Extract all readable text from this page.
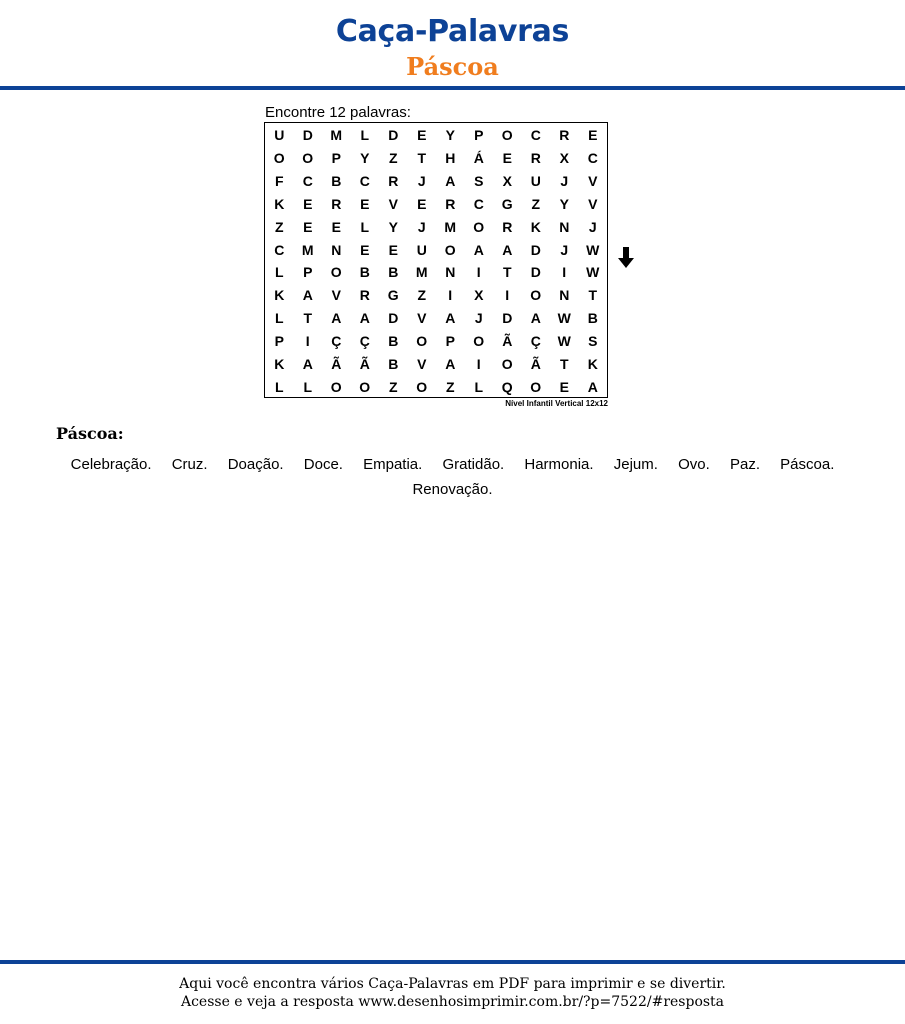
Caça-Palavras
Páscoa
Encontre 12 palavras:
U	D	M	L	D	E	Y	P	O	C	R	E
O	O	P	Y	Z	T	H	Á	E	R	X	C
F	C	B	C	R	J	A	S	X	U	J	V
K	E	R	E	V	E	R	C	G	Z	Y	V
Z	E	E	L	Y	J	M	O	R	K	N	J
C	M	N	E	E	U	O	A	A	D	J	W
L	P	O	B	B	M	N	I	T	D	I	W
K	A	V	R	G	Z	I	X	I	O	N	T
L	T	A	A	D	V	A	J	D	A	W	B
P	I	Ç	Ç	B	O	P	O	Ã	Ç	W	S
K	A	Ã	Ã	B	V	A	I	O	Ã	T	K
L	L	O	O	Z	O	Z	L	Q	O	E	A
Nível Infantil Vertical 12x12
Páscoa:
Celebração. Cruz. Doação. Doce. Empatia. Gratidão. Harmonia. Jejum. Ovo. Paz. Páscoa. Renovação.
Aqui você encontra vários Caça-Palavras em PDF para imprimir e se divertir.
Acesse e veja a resposta www.desenhosimprimir.com.br/?p=7522/#resposta
